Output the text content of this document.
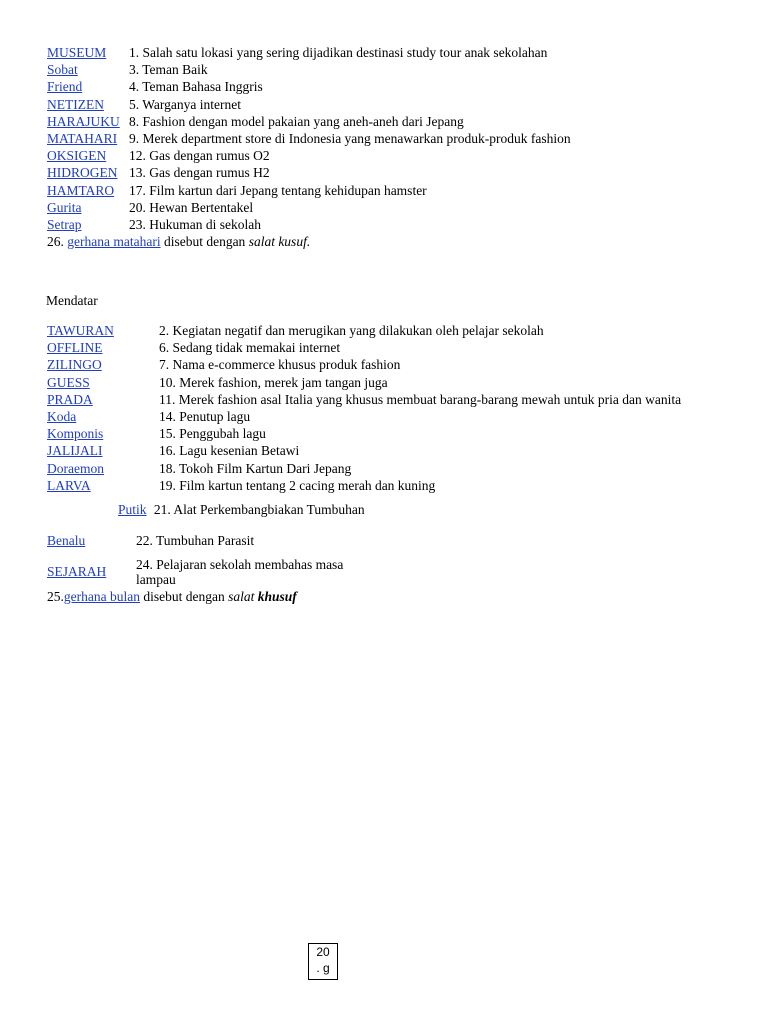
MUSEUM 1. Salah satu lokasi yang sering dijadikan destinasi study tour anak sekolahan
Sobat	3. Teman Baik
Friend	4. Teman Bahasa Inggris
NETIZEN 5. Warganya internet
HARAJUKU 8. Fashion dengan model pakaian yang aneh-aneh dari Jepang
MATAHARI 9. Merek department store di Indonesia yang menawarkan produk-produk fashion
OKSIGEN 12. Gas dengan rumus O2
HIDROGEN 13. Gas dengan rumus H2
HAMTARO 17. Film kartun dari Jepang tentang kehidupan hamster
Gurita	20. Hewan Bertentakel
Setrap	23. Hukuman di sekolah
26. gerhana matahari disebut dengan salat kusuf.
Mendatar
TAWURAN	2. Kegiatan negatif dan merugikan yang dilakukan oleh pelajar sekolah
OFFLINE	6. Sedang tidak memakai internet
ZILINGO	7. Nama e-commerce khusus produk fashion
GUESS	10. Merek fashion, merek jam tangan juga
PRADA	11. Merek fashion asal Italia yang khusus membuat barang-barang mewah untuk pria dan wanita
Koda	14. Penutup lagu
Komponis	15. Penggubah lagu
JALIJALI	16. Lagu kesenian Betawi
Doraemon	18. Tokoh Film Kartun Dari Jepang
LARVA	19. Film kartun tentang 2 cacing merah dan kuning
Putik 21. Alat Perkembangbiakan Tumbuhan
Benalu	22. Tumbuhan Parasit
SEJARAH 24. Pelajaran sekolah membahas masa
lampau
25.gerhana bulan disebut dengan salat khusuf
20
. g
